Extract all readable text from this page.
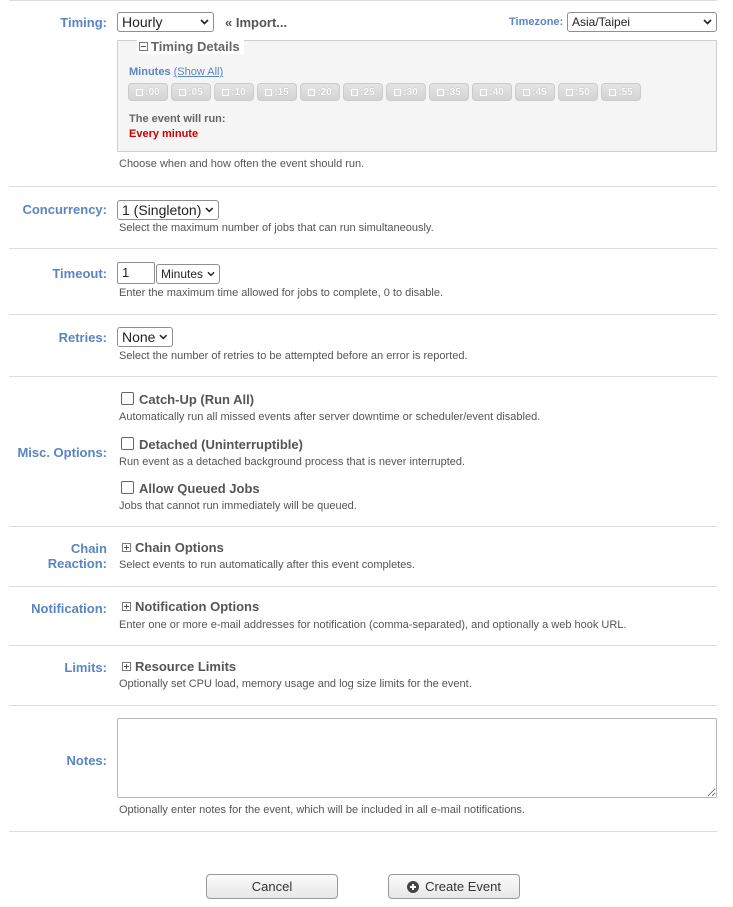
Timing: Hourly	« Import...	Timezone: Asia/Taipei
Timing Details
Minutes (Show All)
:00	:05	:10	:15	:20	:25	:30	:35	:40	:45	:50	:55
The event will run:
Every minute
Choose when and how often the event should run.
Concurrency: 1 (Singleton)
Select the maximum number of jobs that can run simultaneously.
Timeout:	1	Minutes
Enter the maximum time allowed for jobs to complete, 0 to disable.
Retries: None
Select the number of retries to be attempted before an error is reported.
Misc. Options:
Catch-Up (Run All)
Automatically run all missed events after server downtime or scheduler/event disabled.
Detached (Uninterruptible)
Run event as a detached background process that is never interrupted.
Allow Queued Jobs
Jobs that cannot run immediately will be queued.
Chain Reaction:
Chain Options
Select events to run automatically after this event completes.
Notification: Notification Options
Enter one or more e-mail addresses for notification (comma-separated), and optionally a web hook URL.
Limits: Resource Limits
Optionally set CPU load, memory usage and log size limits for the event.
Notes:
Optionally enter notes for the event, which will be included in all e-mail notifications.
Cancel	Create Event
